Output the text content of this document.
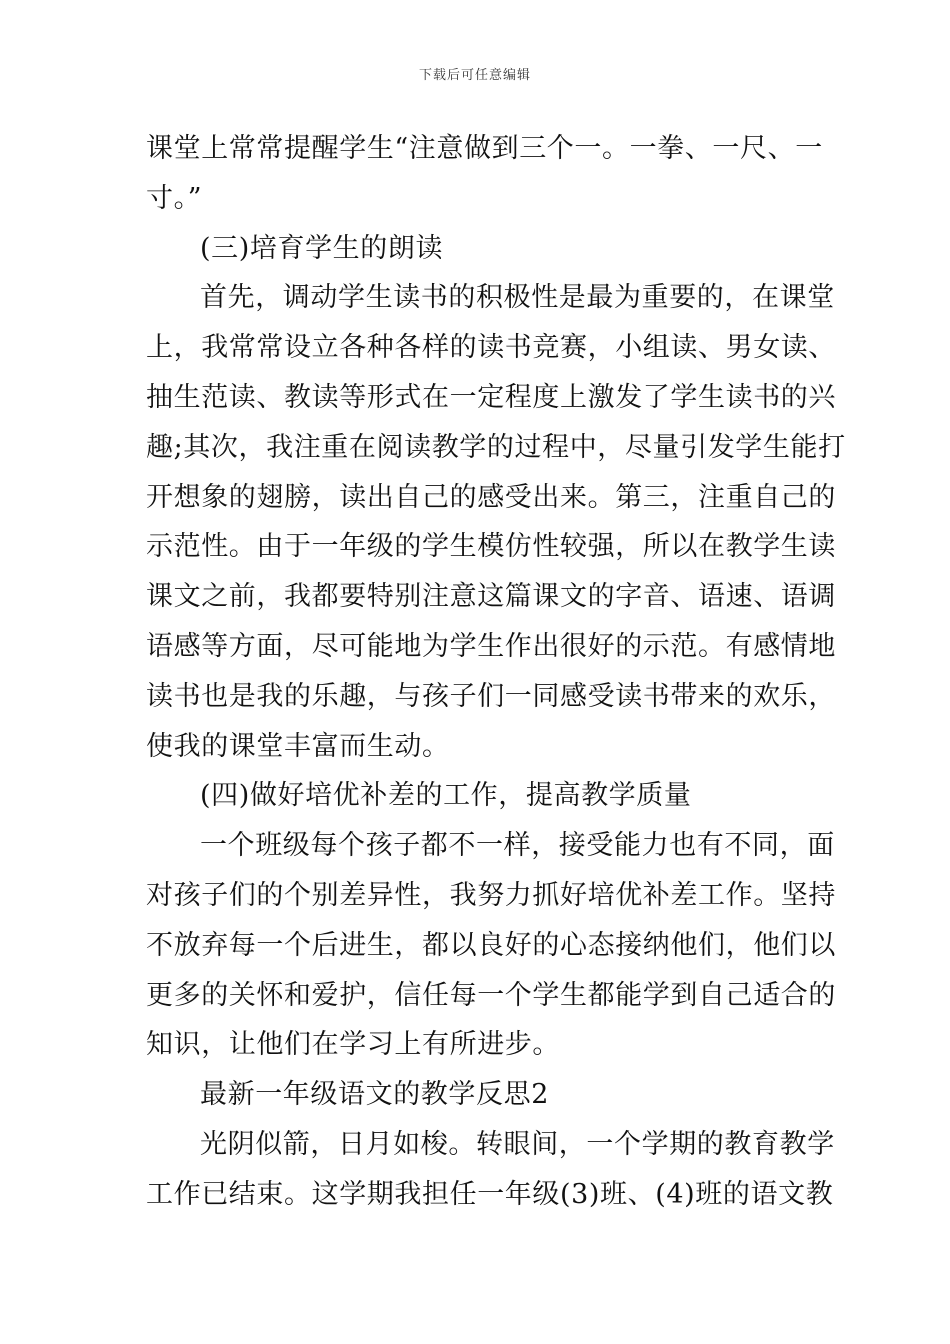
下载后可任意编辑
课堂上常常提醒学生“注意做到三个一。一拳、一尺、一
寸。”
(三)培育学生的朗读
首先，调动学生读书的积极性是最为重要的，在课堂
上，我常常设立各种各样的读书竞赛，小组读、男女读、
抽生范读、教读等形式在一定程度上激发了学生读书的兴
趣;其次，我注重在阅读教学的过程中，尽量引发学生能打
开想象的翅膀，读出自己的感受出来。第三，注重自己的
示范性。由于一年级的学生模仿性较强，所以在教学生读
课文之前，我都要特别注意这篇课文的字音、语速、语调
语感等方面，尽可能地为学生作出很好的示范。有感情地
读书也是我的乐趣，与孩子们一同感受读书带来的欢乐，
使我的课堂丰富而生动。
(四)做好培优补差的工作，提高教学质量
一个班级每个孩子都不一样，接受能力也有不同，面
对孩子们的个别差异性，我努力抓好培优补差工作。坚持
不放弃每一个后进生，都以良好的心态接纳他们，他们以
更多的关怀和爱护，信任每一个学生都能学到自己适合的
知识，让他们在学习上有所进步。
最新一年级语文的教学反思2
光阴似箭，日月如梭。转眼间，一个学期的教育教学
工作已结束。这学期我担任一年级(3)班、(4)班的语文教
